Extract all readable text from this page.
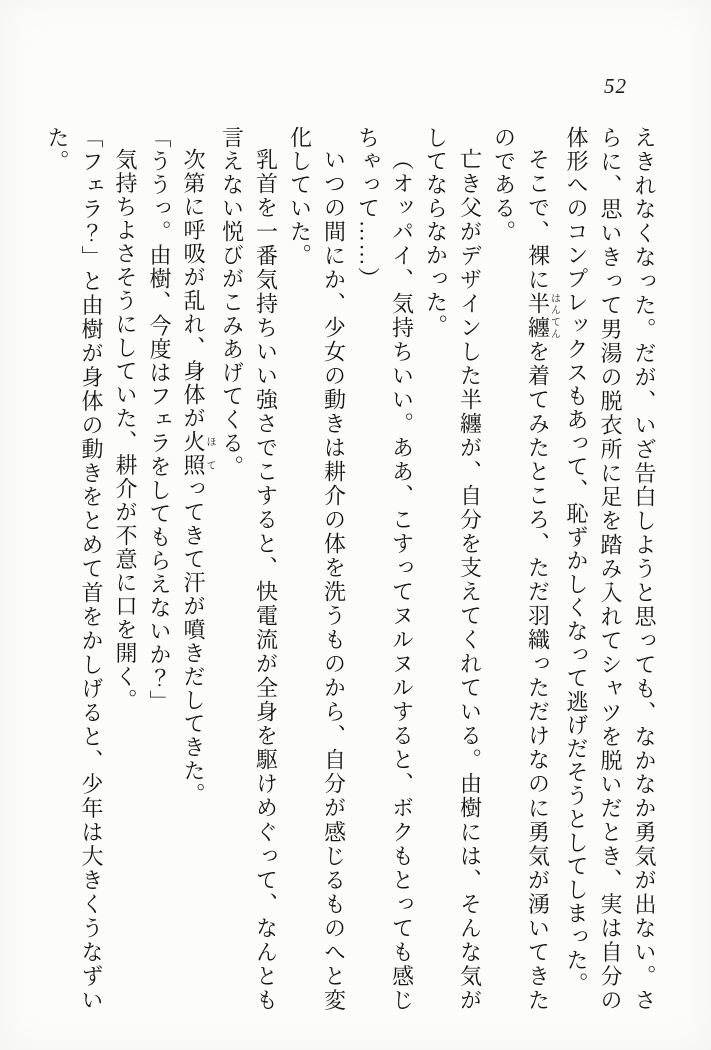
52

えきれなくなった。だが、いざ告白しようと思っても、なかなか勇気が出ない。さらに、思いきって男湯の脱衣所に足を踏み入れてシャツを脱いだとき、実は自分の体形へのコンプレックスもあって、恥ずかしくなって逃げだそうとしてしまった。

そこで、裸に半纏はんてんを着てみたところ、ただ羽織っただけなのに勇気が湧いてきたのである。

亡き父がデザインした半纏が、自分を支えてくれている。由樹には、そんな気がしてならなかった。

（オッパイ、気持ちいい。ああ、こすってヌルヌルすると、ボクもとっても感じちゃって……）

いつの間にか、少女の動きは耕介の体を洗うものから、自分が感じるものへと変化していた。

乳首を一番気持ちいい強さでこすると、快電流が全身を駆けめぐって、なんとも言えない悦びがこみあげてくる。

次第に呼吸が乱れ、身体が火照ほてってきて汗が噴きだしてきた。

「ううっ。由樹、今度はフェラをしてもらえないか？」

気持ちよさそうにしていた、耕介が不意に口を開く。

「フェラ？」と由樹が身体の動きをとめて首をかしげると、少年は大きくうなずいた。
